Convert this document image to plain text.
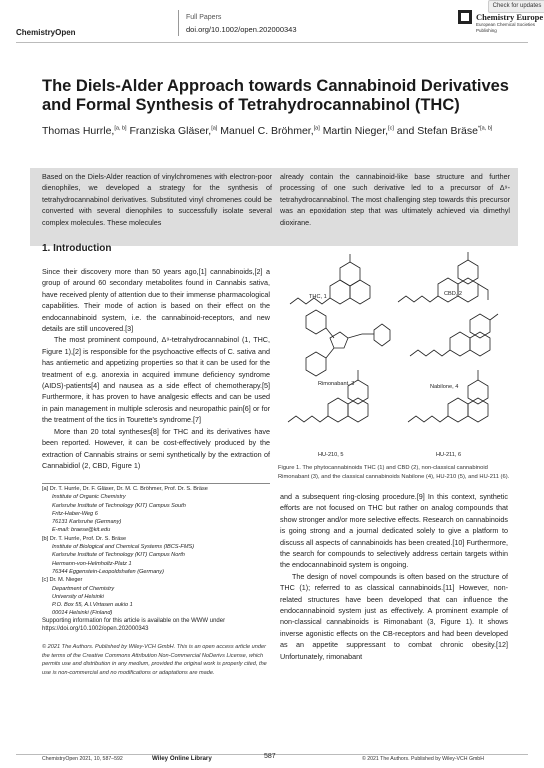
Check for updates
ChemistryOpen
Full Papers
doi.org/10.1002/open.202000343
Chemistry Europe
European Chemical Societies Publishing
The Diels-Alder Approach towards Cannabinoid Derivatives and Formal Synthesis of Tetrahydrocannabinol (THC)
Thomas Hurrle,[a, b] Franziska Gläser,[a] Manuel C. Bröhmer,[a] Martin Nieger,[c] and Stefan Bräse$^{*[a, b]}$
Based on the Diels-Alder reaction of vinylchromenes with electron-poor dienophiles, we developed a strategy for the synthesis of tetrahydrocannabinol derivatives. Substituted vinyl chromenes could be converted with several dienophiles to successfully isolate several complex molecules. These molecules
already contain the cannabinoid-like base structure and further processing of one such derivative led to a precursor of Δ⁹-tetrahydrocannabinol. The most challenging step towards this precursor was an epoxidation step that was ultimately achieved via dimethyl dioxirane.
1. Introduction

Since their discovery more than 50 years ago,[1] cannabinoids,[2] a group of around 60 secondary metabolites found in Cannabis sativa, have received plenty of attention due to their immense pharmacological capabilities. Their mode of action is based on their effect on the endocannabinoid system, i.e. the cannabinoid-receptors, and new details are still uncovered.[3]

The most prominent compound, Δ⁹-tetrahydrocannabinol (1, THC, Figure 1),[2] is responsible for the psychoactive effects of C. sativa and has antiemetic and appetizing properties so that it can be used for the treatment of e.g. anorexia in acquired immune deficiency syndrome (AIDS)-patients[4] and nausea as a side effect of chemotherapy.[5] Furthermore, it has proven to have analgesic effects and can be used in pain management in multiple sclerosis and neuropathic pain[6] or for the treatment of the tics in Tourette's syndrome.[7]

More than 20 total syntheses[8] for THC and its derivatives have been reported. However, it can be cost-effectively produced by the extraction of Cannabis strains or semi synthetically by the extraction of Cannabidiol (2, CBD, Figure 1)

THC, 1	CBD, 2
Rimonabant, 3	Nabilone, 4
HU-210, 5	HU-211, 6
Figure 1. The phytocannabinoids THC (1) and CBD (2), non-classical cannabinoid Rimonabant (3), and the classical cannabinoids Nabilone (4), HU-210 (5), and HU-211 (6).
[a] Dr. T. Hurrle, Dr. F. Gläser, Dr. M. C. Bröhmer, Prof. Dr. S. Bräse
Institute of Organic Chemistry
Karlsruhe Institute of Technology (KIT) Campus South
Fritz-Haber-Weg 6
76131 Karlsruhe (Germany)
E-mail: braese@kit.edu
[b] Dr. T. Hurrle, Prof. Dr. S. Bräse
Institute of Biological and Chemical Systems (IBCS-FMS)
Karlsruhe Institute of Technology (KIT) Campus North
Hermann-von-Helmholtz-Platz 1
76344 Eggenstein-Leopoldshafen (Germany)
[c] Dr. M. Nieger
Department of Chemistry
University of Helsinki
P.O. Box 55, A.I.Virtasen aukio 1
00014 Helsinki (Finland)
Supporting information for this article is available on the WWW under https://doi.org/10.1002/open.202000343
© 2021 The Authors. Published by Wiley-VCH GmbH. This is an open access article under the terms of the Creative Commons Attribution Non-Commercial NoDerivs License, which permits use and distribution in any medium, provided the original work is properly cited, the use is non-commercial and no modifications or adaptations are made.

and a subsequent ring-closing procedure.[9] In this context, synthetic efforts are not focused on THC but rather on analog compounds that show stronger and/or more selective effects. Research on cannabinoids is going strong and a journal dedicated solely to give a platform to discuss all aspects of cannabinoids has been created.[10] Furthermore, the search for compounds to selectively address certain targets within the endocannabinoid system is ongoing.

The design of novel compounds is often based on the structure of THC (1); referred to as classical cannabinoids.[11] However, non-related structures have been developed that can influence the endocannabinoid system just as effectively. A prominent example of non-classical cannabinoids is Rimonabant (3, Figure 1). It shows inverse agonistic effects on the CB-receptors and had been developed as an appetite suppressant to combat chronic obesity.[12] Unfortunately, rimonabant

ChemistryOpen 2021, 10, 587–592	Wiley Online Library	587	© 2021 The Authors. Published by Wiley-VCH GmbH
